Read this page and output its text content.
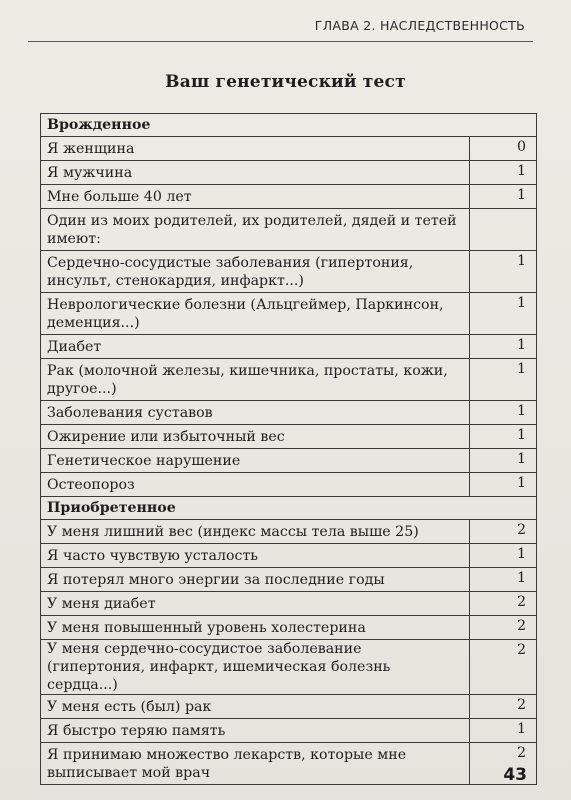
ГЛАВА 2. НАСЛЕДСТВЕННОСТЬ
Ваш генетический тест
Врожденное	
Я женщина	0
Я мужчина	1
Мне больше 40 лет	1
Один из моих родителей, их родителей, дядей и тетей имеют:	
Сердечно-сосудистые заболевания (гипертония, инсульт, стенокардия, инфаркт...)	1
Неврологические болезни (Альцгеймер, Паркинсон, деменция...)	1
Диабет	1
Рак (молочной железы, кишечника, простаты, кожи, другое...)	1
Заболевания суставов	1
Ожирение или избыточный вес	1
Генетическое нарушение	1
Остеопороз	1
Приобретенное	
У меня лишний вес (индекс массы тела выше 25)	2
Я часто чувствую усталость	1
Я потерял много энергии за последние годы	1
У меня диабет	2
У меня повышенный уровень холестерина	2
У меня сердечно-сосудистое заболевание (гипертония, инфаркт, ишемическая болезнь сердца...)	2
У меня есть (был) рак	2
Я быстро теряю память	1
Я принимаю множество лекарств, которые мне выписывает мой врач	2
43
